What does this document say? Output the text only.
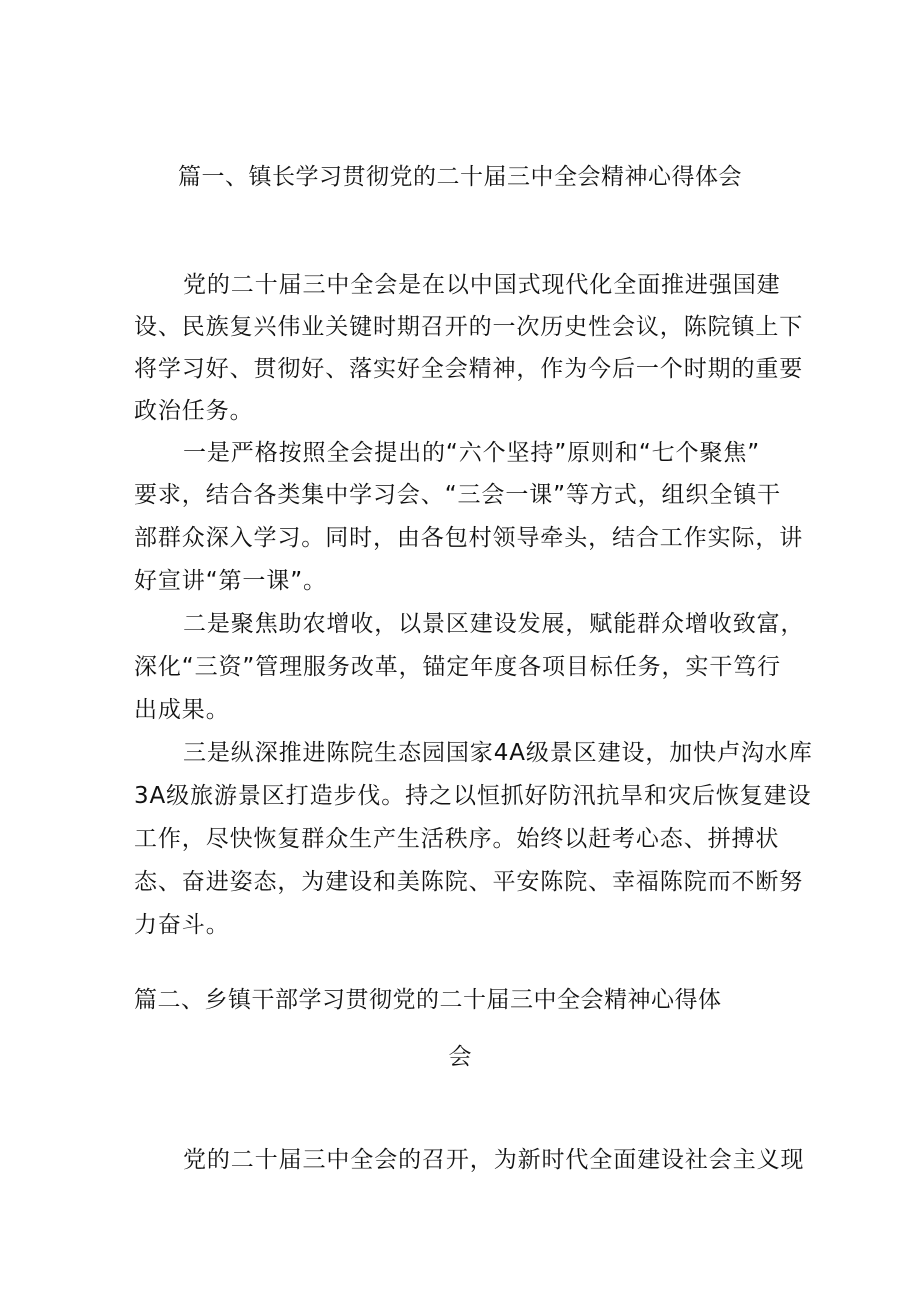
篇一、镇长学习贯彻党的二十届三中全会精神心得体会
党的二十届三中全会是在以中国式现代化全面推进强国建
设、民族复兴伟业关键时期召开的一次历史性会议，陈院镇上下
将学习好、贯彻好、落实好全会精神，作为今后一个时期的重要
政治任务。
一是严格按照全会提出的“六个坚持”原则和“七个聚焦”
要求，结合各类集中学习会、“三会一课”等方式，组织全镇干
部群众深入学习。同时，由各包村领导牵头，结合工作实际，讲
好宣讲“第一课”。
二是聚焦助农增收，以景区建设发展，赋能群众增收致富，
深化“三资”管理服务改革，锚定年度各项目标任务，实干笃行
出成果。
三是纵深推进陈院生态园国家4A级景区建设，加快卢沟水库
3A级旅游景区打造步伐。持之以恒抓好防汛抗旱和灾后恢复建设
工作，尽快恢复群众生产生活秩序。始终以赶考心态、拼搏状
态、奋进姿态，为建设和美陈院、平安陈院、幸福陈院而不断努
力奋斗。
篇二、乡镇干部学习贯彻党的二十届三中全会精神心得体
会
党的二十届三中全会的召开，为新时代全面建设社会主义现
